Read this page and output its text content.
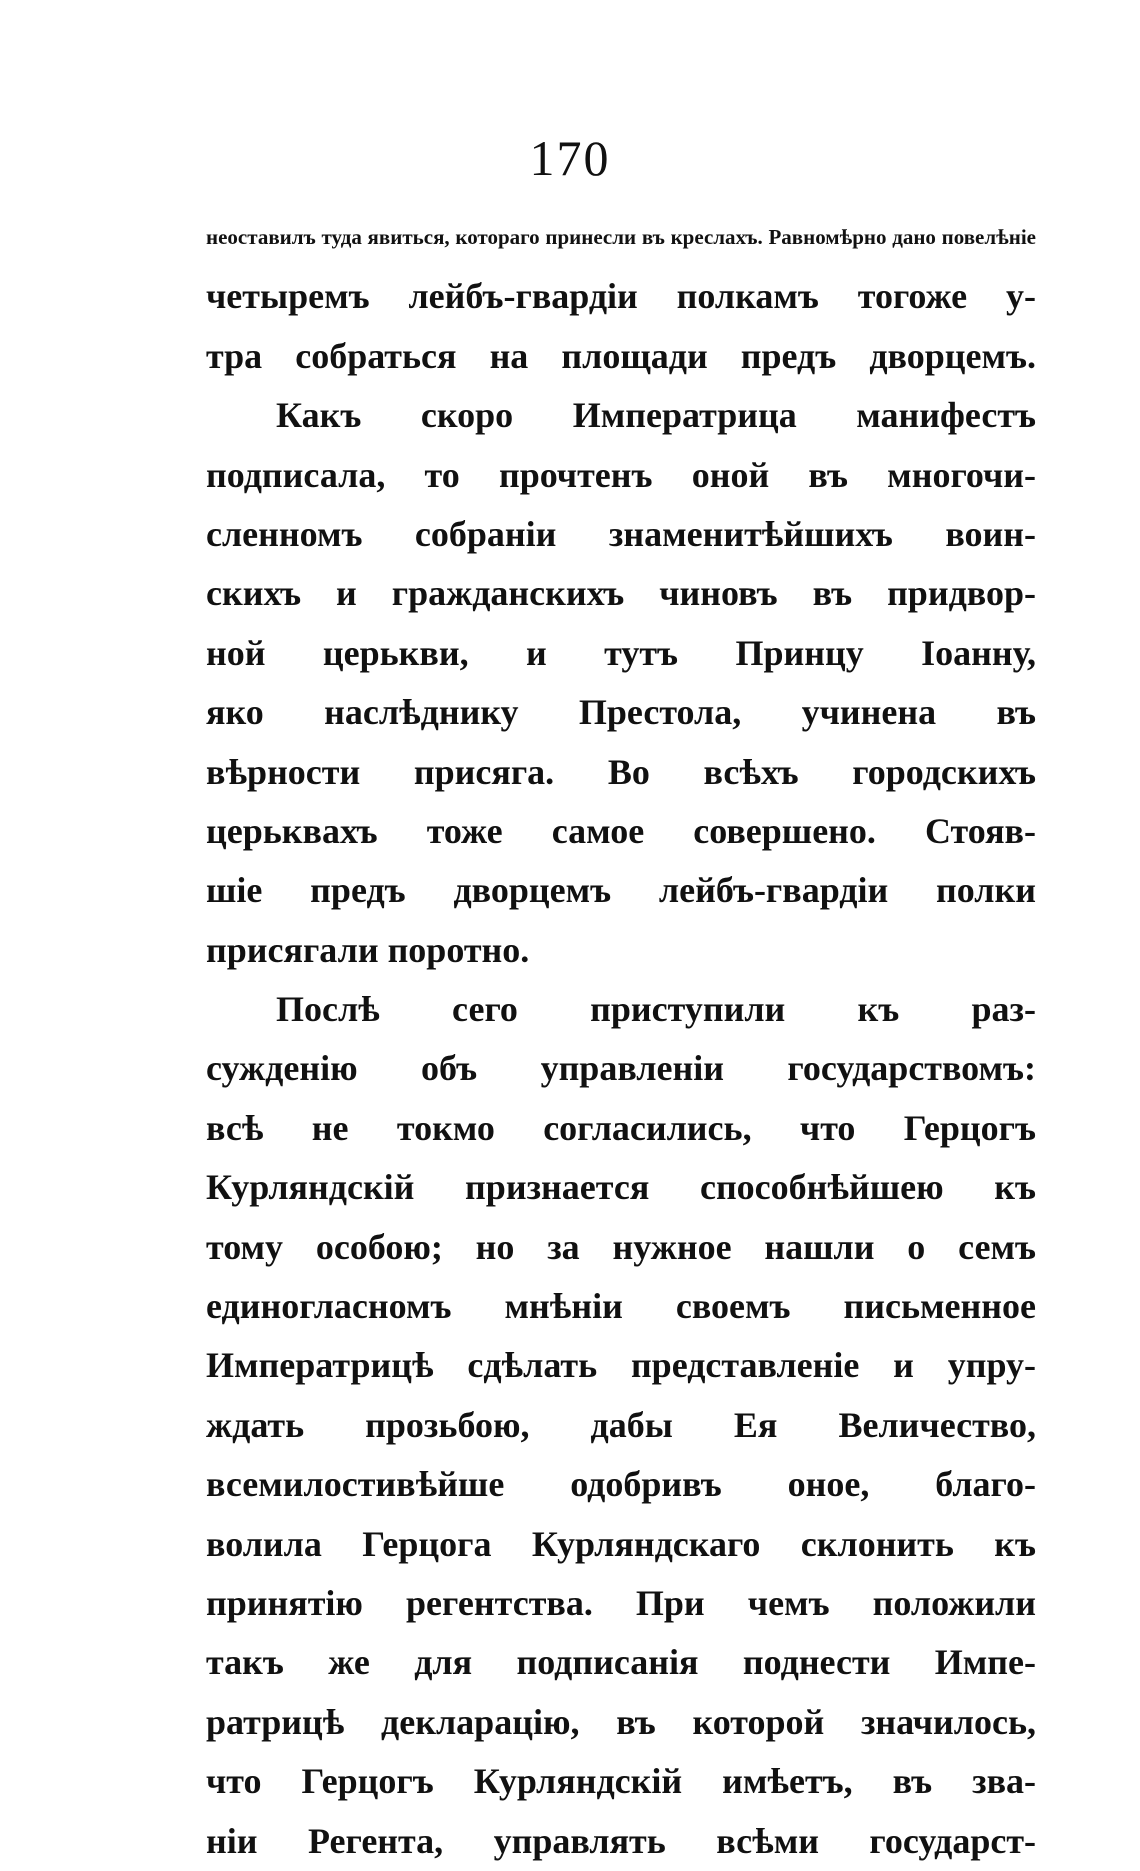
170
неоставилъ туда явиться, котораго принесли въ креслахъ. Равномѣрно дано повелѣніе
четыремъ лейбъ-гвардіи полкамъ тогоже у-
тра собраться на площади предъ дворцемъ.
Какъ скоро Императрица манифестъ
подписала, то прочтенъ оной въ многочи-
сленномъ собраніи знаменитѣйшихъ воин-
скихъ и гражданскихъ чиновъ въ придвор-
ной церькви, и тутъ Принцу Іоанну,
яко наслѣднику Престола, учинена въ
вѣрности присяга. Во всѣхъ городскихъ
церьквахъ тоже самое совершено. Стояв-
шіе предъ дворцемъ лейбъ-гвардіи полки
присягали поротно.
Послѣ сего приступили къ раз-
сужденію объ управленіи государствомъ:
всѣ не токмо согласились, что Герцогъ
Курляндскій признается способнѣйшею къ
тому особою; но за нужное нашли о семъ
единогласномъ мнѣніи своемъ письменное
Императрицѣ сдѣлать представленіе и упру-
ждать прозьбою, дабы Ея Величество,
всемилостивѣйше одобривъ оное, благо-
волила Герцога Курляндскаго склонить къ
принятію регентства. При чемъ положили
такъ же для подписанія поднести Импе-
ратрицѣ декларацію, въ которой значилось,
что Герцогъ Курляндскій имѣетъ, въ зва-
ніи Регента, управлять всѣми государст-
